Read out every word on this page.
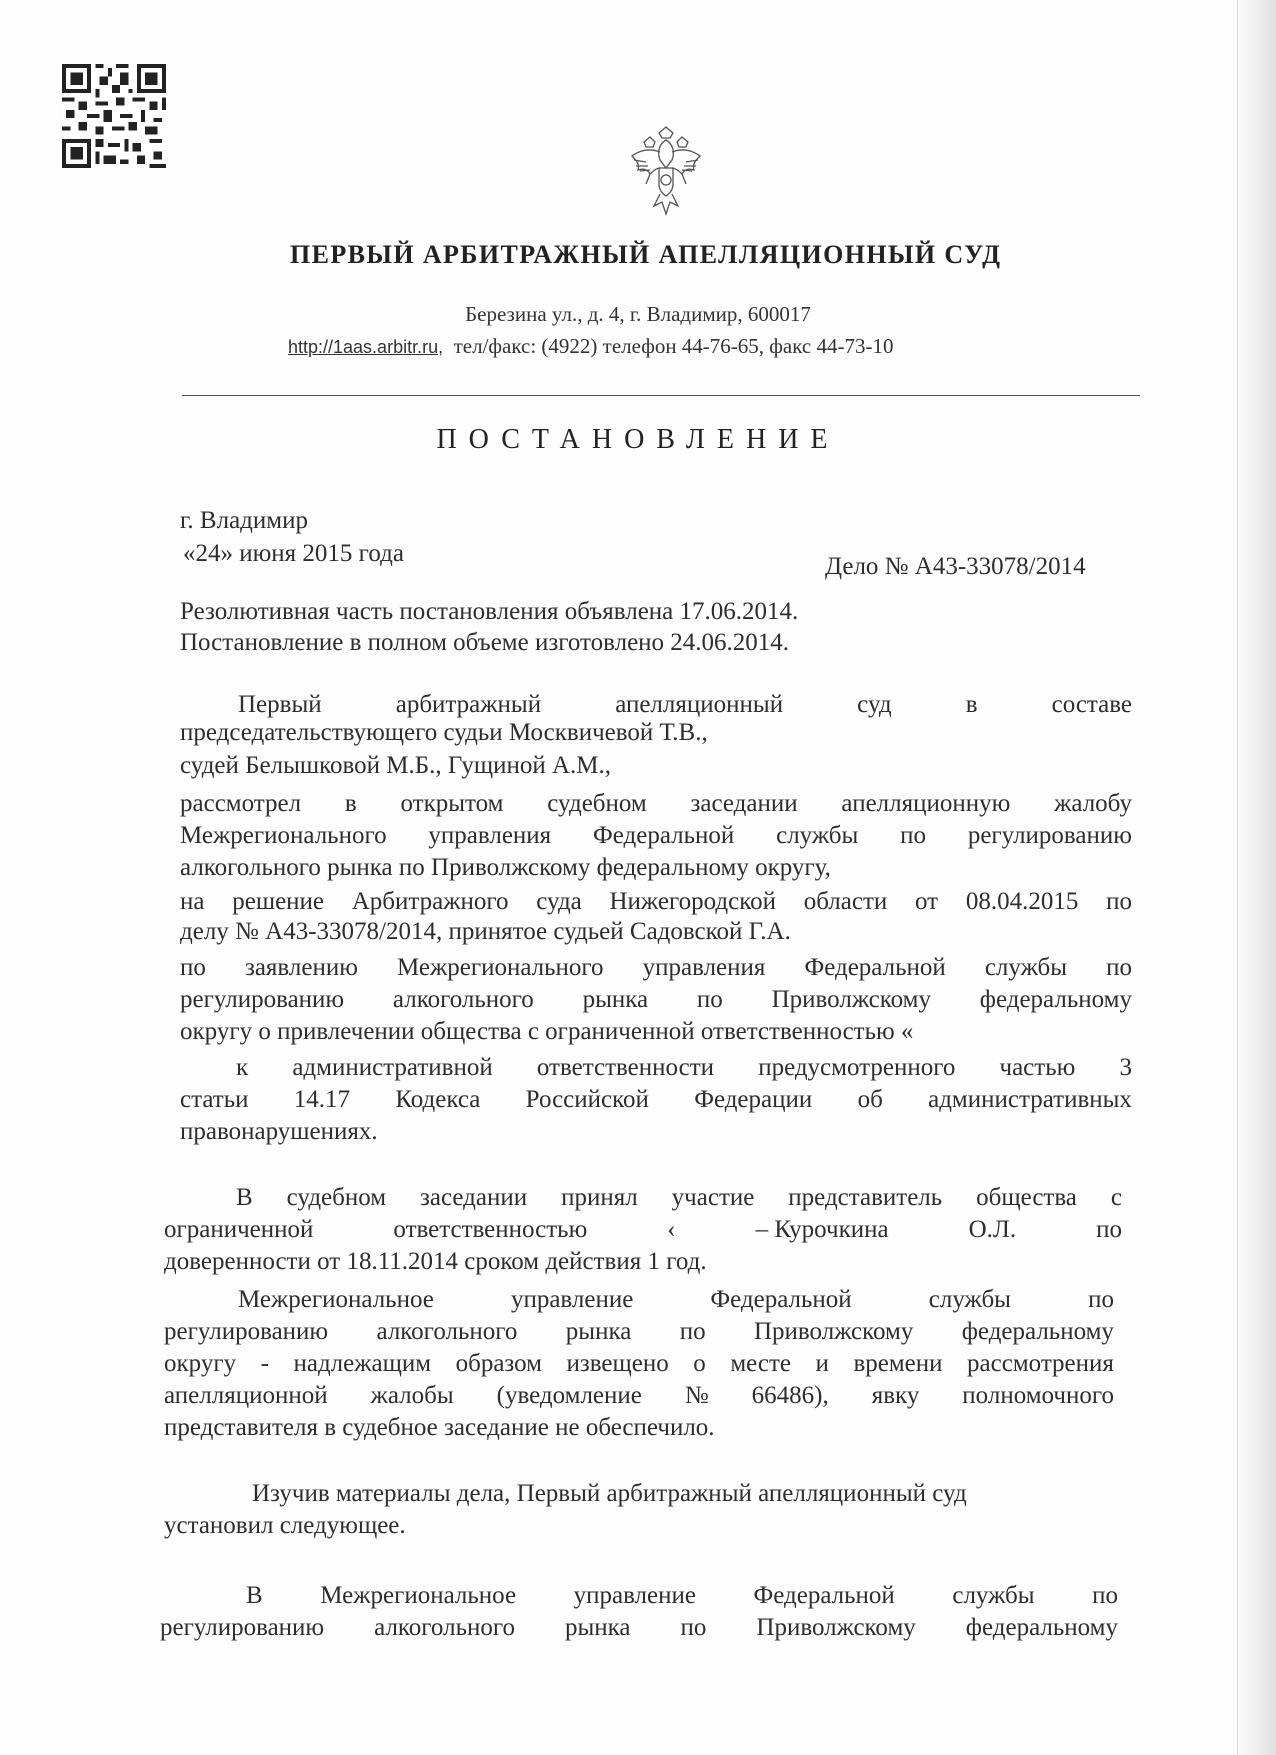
ПЕРВЫЙ АРБИТРАЖНЫЙ АПЕЛЛЯЦИОННЫЙ СУД
Березина ул., д. 4, г. Владимир, 600017
http://1aas.arbitr.ru, тел/факс: (4922) телефон 44-76-65, факс 44-73-10
ПОСТАНОВЛЕНИЕ
г. Владимир
«24» июня 2015 года	Дело № А43-33078/2014
Резолютивная часть постановления объявлена 17.06.2014.
Постановление в полном объеме изготовлено 24.06.2014.
Первый	арбитражный	апелляционный	суд	в	составе
председательствующего судьи Москвичевой Т.В.,
судей Белышковой М.Б., Гущиной А.М.,
рассмотрел в открытом судебном заседании апелляционную жалобу
Межрегионального управления Федеральной службы по регулированию
алкогольного рынка по Приволжскому федеральному округу,
на решение Арбитражного суда Нижегородской области от 08.04.2015 по
делу № А43-33078/2014, принятое судьей Садовской Г.А.
по заявлению Межрегионального управления Федеральной службы по
регулированию алкогольного рынка по Приволжскому федеральному
округу о привлечении общества с ограниченной ответственностью «
к административной ответственности предусмотренного частью 3
статьи 14.17 Кодекса Российской Федерации об административных
правонарушениях.
В судебном заседании принял участие представитель общества с
ограниченной	ответственностью	‹	– Курочкина	О.Л.	по
доверенности от 18.11.2014 сроком действия 1 год.
Межрегиональное	управление	Федеральной	службы	по
регулированию алкогольного рынка по Приволжскому федеральному
округу - надлежащим образом извещено о месте и времени рассмотрения
апелляционной жалобы (уведомление № 66486), явку полномочного
представителя в судебное заседание не обеспечило.
Изучив материалы дела, Первый арбитражный апелляционный суд
установил следующее.
В Межрегиональное управление Федеральной службы по
регулированию алкогольного рынка по Приволжскому федеральному
